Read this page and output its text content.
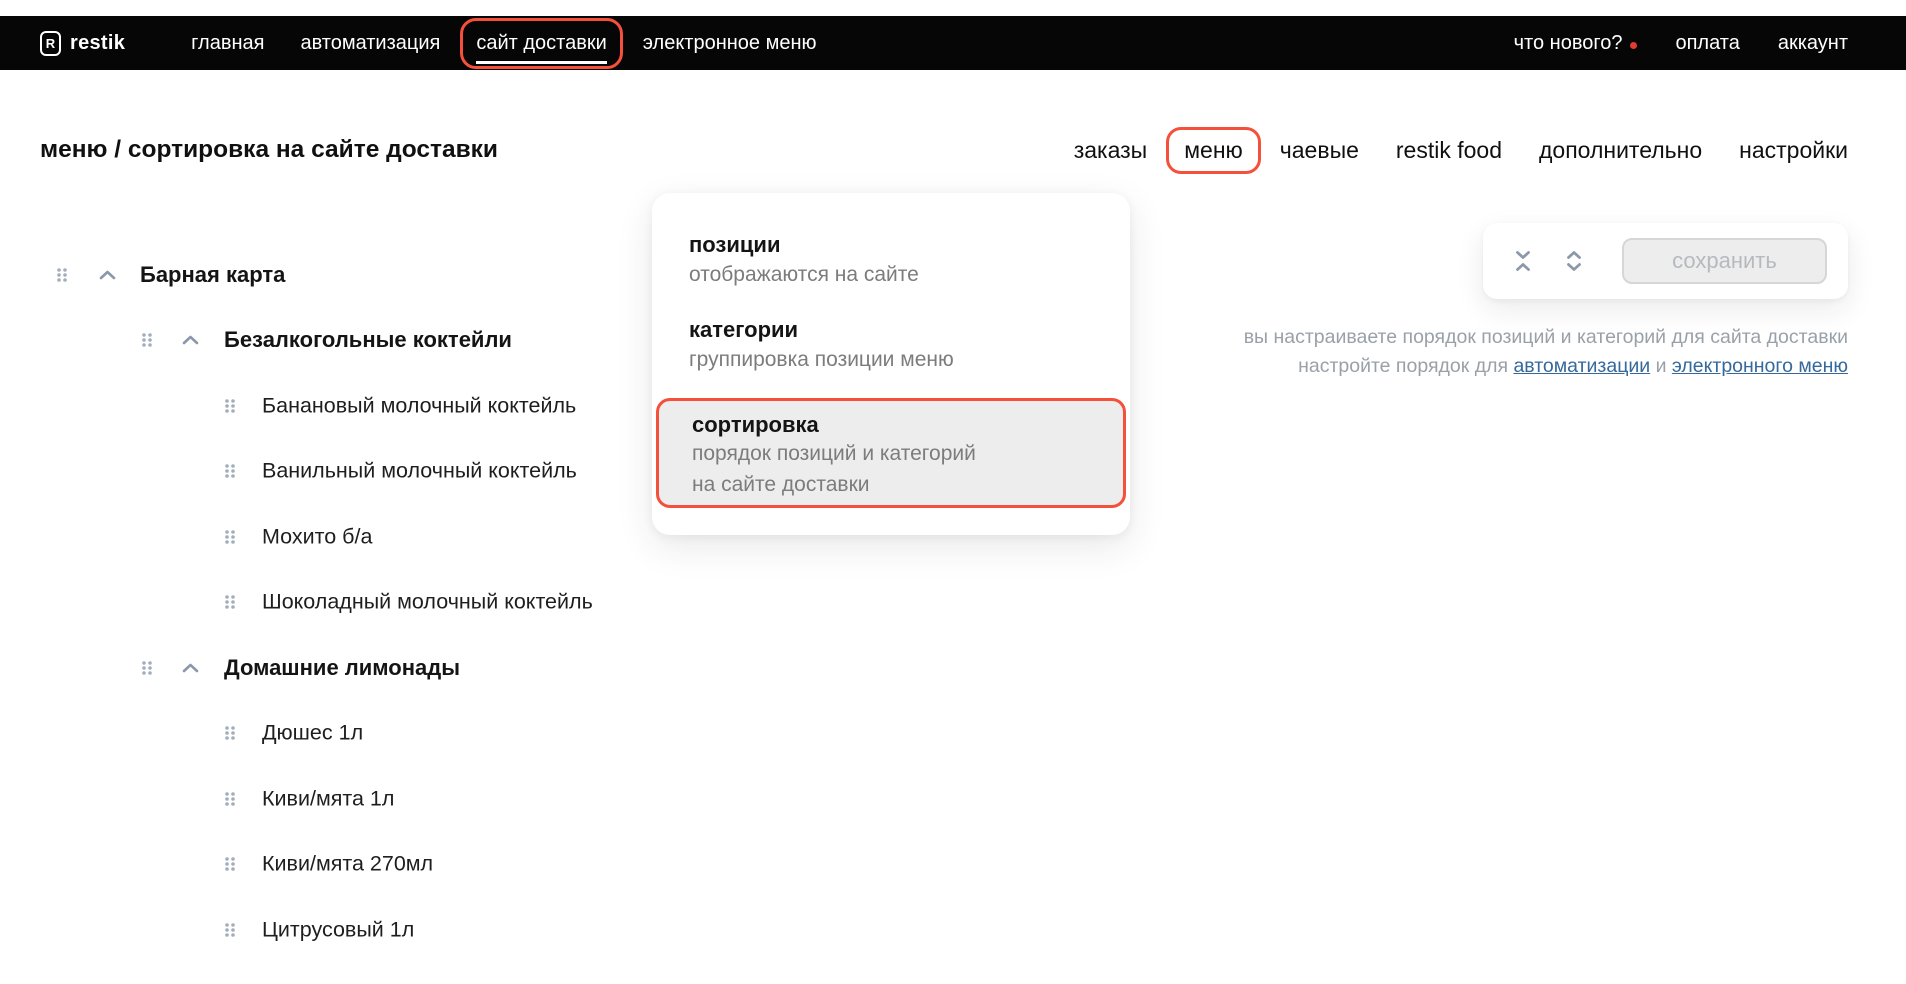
R restik	главная автоматизация сайт доставки электронное меню	что нового?	оплата аккаунт
меню / сортировка на сайте доставки	заказы меню чаевые restik food дополнительно настройки
позиции
отображаются на сайте
категории
группировка позиции меню
сортировка
порядок позиций и категорий
на сайте доставки
Барная карта
Безалкогольные коктейли
Банановый молочный коктейль
Ванильный молочный коктейль
Мохито б/а
Шоколадный молочный коктейль
Домашние лимонады
Дюшес 1л
Киви/мята 1л
Киви/мята 270мл
Цитрусовый 1л
сохранить
вы настраиваете порядок позиций и категорий для сайта доставки
настройте порядок для автоматизации и электронного меню
